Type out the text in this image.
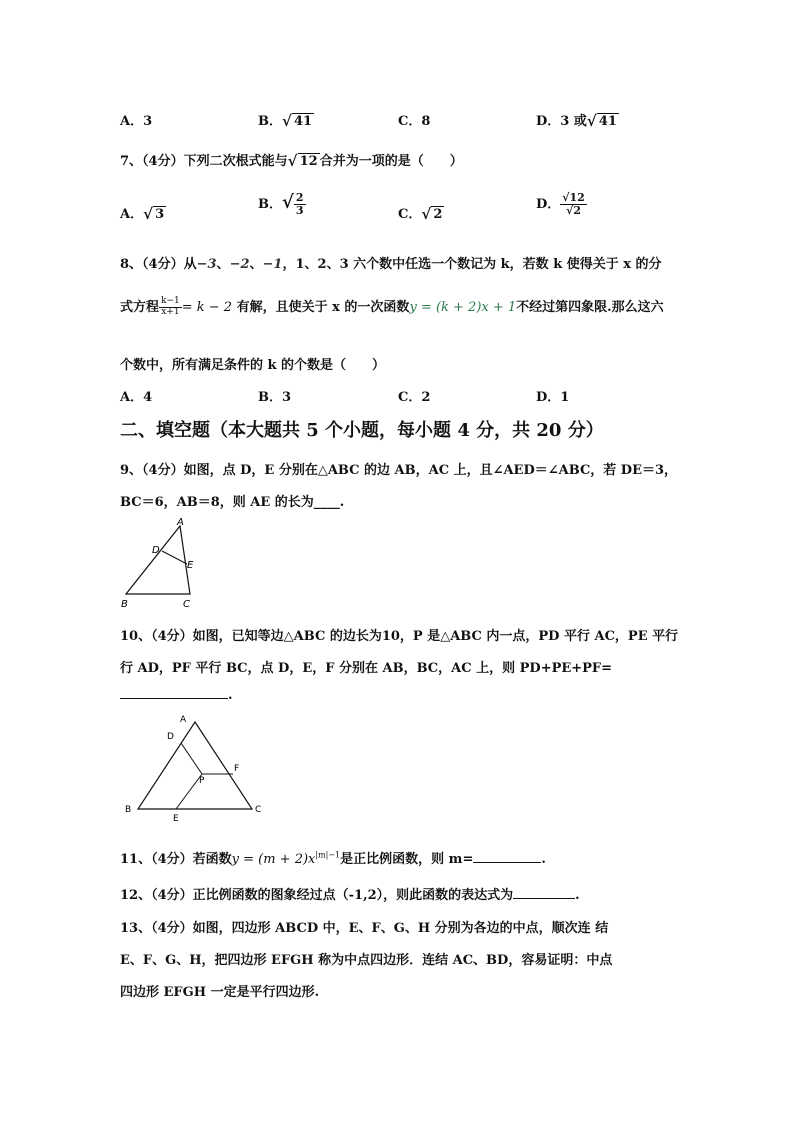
A．3	B． √ 41	C．8	D．3 或 √ 41
7、（4分）下列二次根式能与 √ 12 合并为一项的是（　　）
A． √ 3
B．√ $\frac{2}{3}$	C． √ 2
D． $\frac{√12}{√2}$
8、（4分）从−3、−2、−1，1、2、3 六个数中任选一个数记为 k，若数 k 使得关于 x 的分
式方程 $\frac{k-1}{x+1} = k - 2$ 有解，且使关于 x 的一次函数y = (k + 2)x + 1不经过第四象限.那么这六
个数中，所有满足条件的 k 的个数是（　　）
A．4	B．3	C．2	D．1
二、填空题（本大题共 5 个小题，每小题 4 分，共 20 分）
9、（4分）如图，点 D，E 分别在△ABC 的边 AB，AC 上，且∠AED＝∠ABC，若 DE＝3，
BC＝6，AB＝8，则 AE 的长为____.
A
D
E
B	C
10、（4分）如图，已知等边△ABC 的边长为10，P 是△ABC 内一点，PD 平行 AC，PE 平行
行 AD，PF 平行 BC，点 D，E，F 分别在 AB，BC，AC 上，则 PD+PE+PF=
.
A
D
F
P
B	C
E
11、（4分）若函数$y = (m + 2)x^{|m|-1}$是正比例函数，则 m=	.
12、（4分）正比例函数的图象经过点（-1,2），则此函数的表达式为	.
13、（4分）如图，四边形 ABCD 中，E、F、G、H 分别为各边的中点，顺次连 结
E、F、G、H，把四边形 EFGH 称为中点四边形．连结 AC、BD，容易证明：中点
四边形 EFGH 一定是平行四边形.
